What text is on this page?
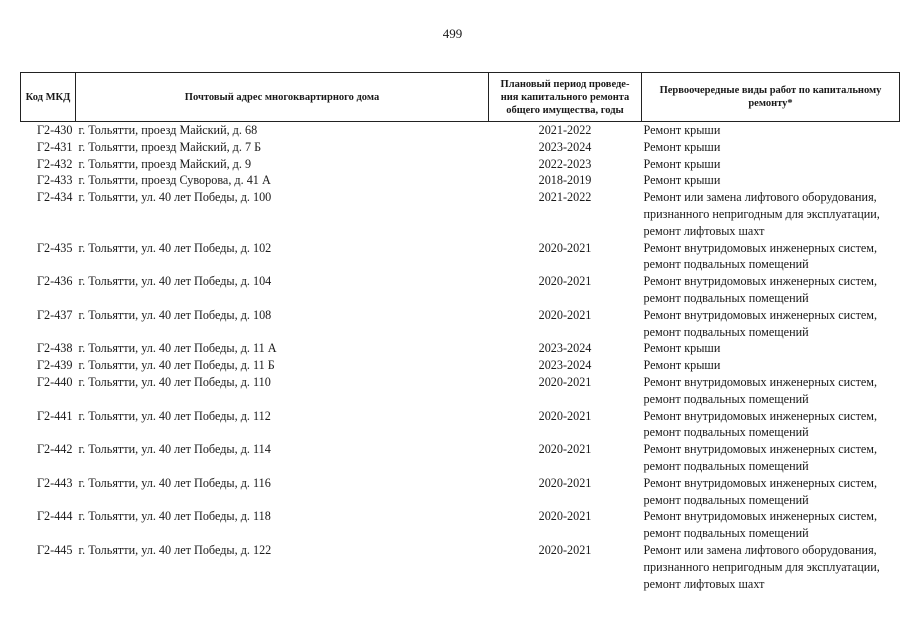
499
Код МКД	Почтовый адрес многоквартирного дома	Плановый период проведе-
ния капитального ремонта
общего имущества, годы	Первоочередные виды работ по капитальному
ремонту*
Г2-430	г. Тольятти, проезд Майский, д. 68	2021-2022	Ремонт крыши

Г2-431	г. Тольятти, проезд Майский, д. 7 Б	2023-2024	Ремонт крыши

Г2-432	г. Тольятти, проезд Майский, д. 9	2022-2023	Ремонт крыши

Г2-433	г. Тольятти, проезд Суворова, д. 41 А	2018-2019	Ремонт крыши

Г2-434	г. Тольятти, ул. 40 лет Победы, д. 100	2021-2022	Ремонт или замена лифтового оборудования,
признанного непригодным для эксплуатации,
ремонт лифтовых шахт

Г2-435	г. Тольятти, ул. 40 лет Победы, д. 102	2020-2021	Ремонт внутридомовых инженерных систем,
ремонт подвальных помещений

Г2-436	г. Тольятти, ул. 40 лет Победы, д. 104	2020-2021	Ремонт внутридомовых инженерных систем,
ремонт подвальных помещений

Г2-437	г. Тольятти, ул. 40 лет Победы, д. 108	2020-2021	Ремонт внутридомовых инженерных систем,
ремонт подвальных помещений

Г2-438	г. Тольятти, ул. 40 лет Победы, д. 11 А	2023-2024	Ремонт крыши

Г2-439	г. Тольятти, ул. 40 лет Победы, д. 11 Б	2023-2024	Ремонт крыши

Г2-440	г. Тольятти, ул. 40 лет Победы, д. 110	2020-2021	Ремонт внутридомовых инженерных систем,
ремонт подвальных помещений

Г2-441	г. Тольятти, ул. 40 лет Победы, д. 112	2020-2021	Ремонт внутридомовых инженерных систем,
ремонт подвальных помещений

Г2-442	г. Тольятти, ул. 40 лет Победы, д. 114	2020-2021	Ремонт внутридомовых инженерных систем,
ремонт подвальных помещений

Г2-443	г. Тольятти, ул. 40 лет Победы, д. 116	2020-2021	Ремонт внутридомовых инженерных систем,
ремонт подвальных помещений

Г2-444	г. Тольятти, ул. 40 лет Победы, д. 118	2020-2021	Ремонт внутридомовых инженерных систем,
ремонт подвальных помещений

Г2-445	г. Тольятти, ул. 40 лет Победы, д. 122	2020-2021	Ремонт или замена лифтового оборудования,
признанного непригодным для эксплуатации,
ремонт лифтовых шахт
